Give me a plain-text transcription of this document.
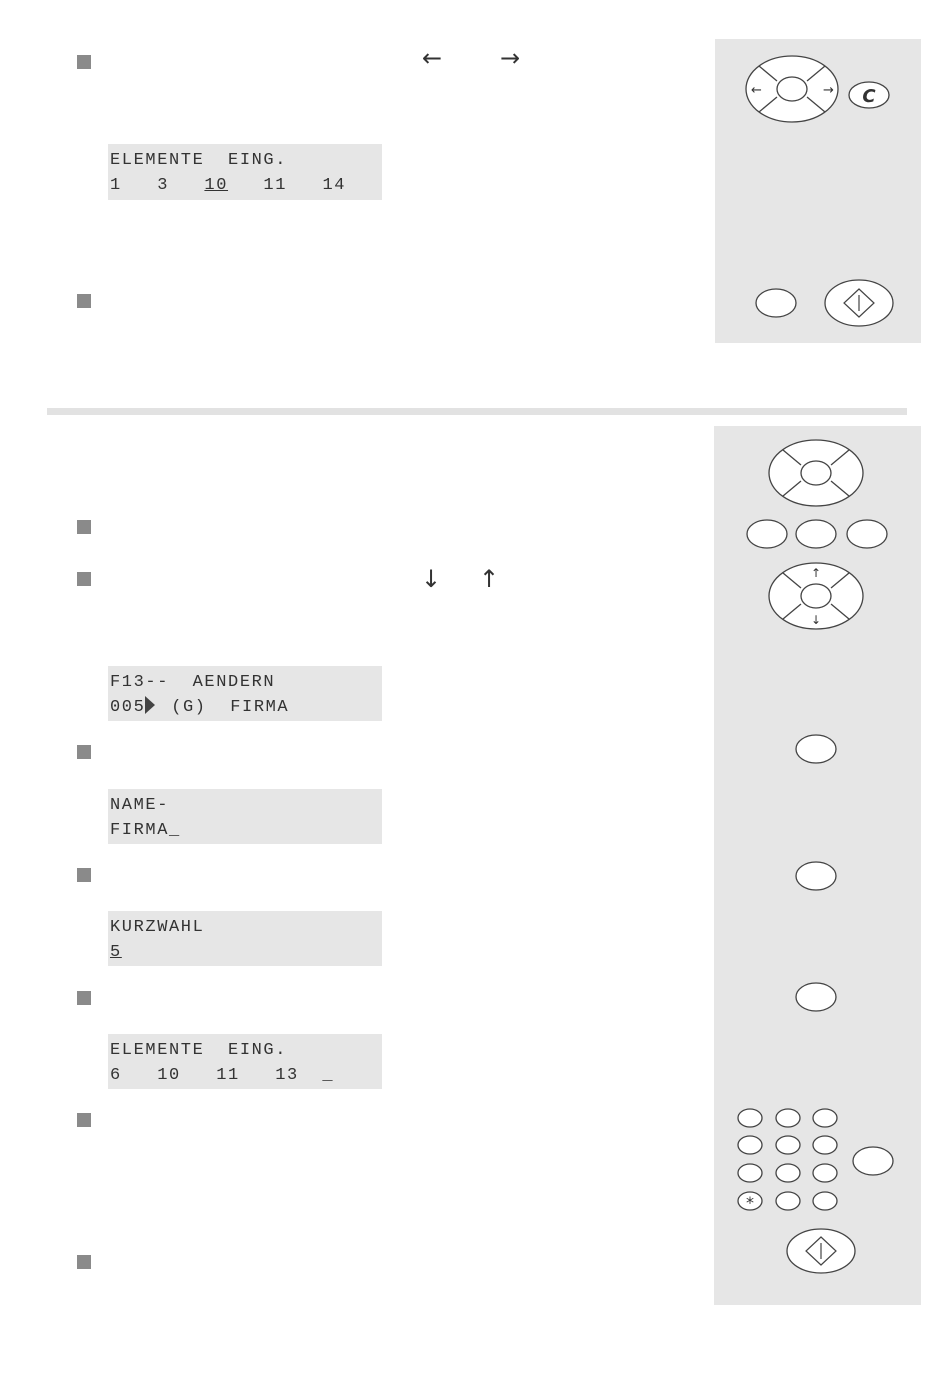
← →
ELEMENTE  EING.
1   3   10   11   14
←	→ C
↓ ↑
F13--  AENDERN
005 (G)  FIRMA
NAME-
FIRMA_
KURZWAHL
5
ELEMENTE  EING.
6   10   11   13  _
↑
↓
*
